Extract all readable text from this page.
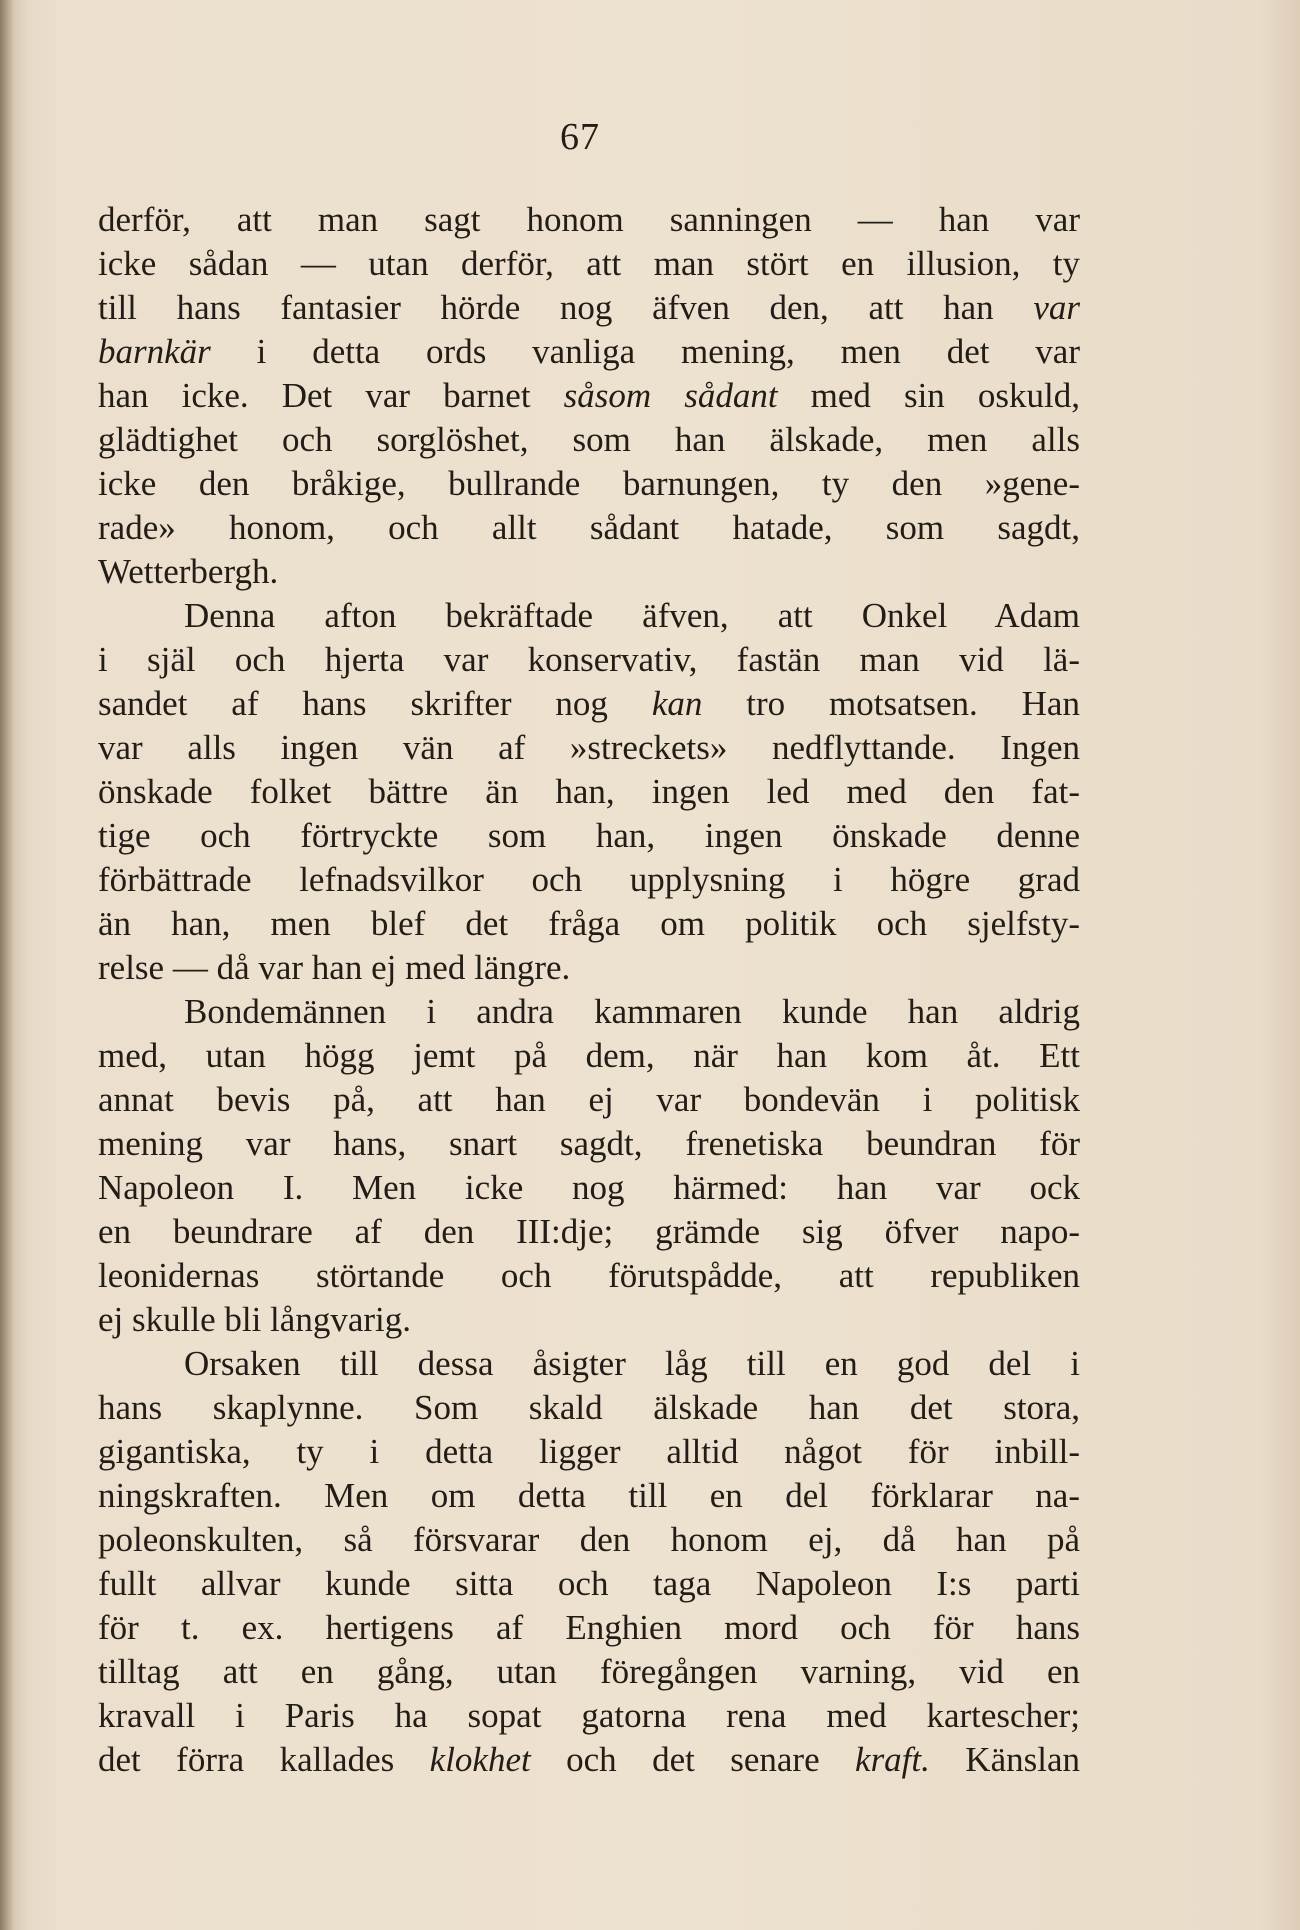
67
derför, att man sagt honom sanningen — han var
icke sådan — utan derför, att man stört en illusion, ty
till hans fantasier hörde nog äfven den, att han var
barnkär i detta ords vanliga mening, men det var
han icke. Det var barnet såsom sådant med sin oskuld,
glädtighet och sorglöshet, som han älskade, men alls
icke den bråkige, bullrande barnungen, ty den »gene-
rade» honom, och allt sådant hatade, som sagdt,
Wetterbergh.
Denna afton bekräftade äfven, att Onkel Adam
i själ och hjerta var konservativ, fastän man vid lä-
sandet af hans skrifter nog kan tro motsatsen. Han
var alls ingen vän af »streckets» nedflyttande. Ingen
önskade folket bättre än han, ingen led med den fat-
tige och förtryckte som han, ingen önskade denne
förbättrade lefnadsvilkor och upplysning i högre grad
än han, men blef det fråga om politik och sjelfsty-
relse — då var han ej med längre.
Bondemännen i andra kammaren kunde han aldrig
med, utan högg jemt på dem, när han kom åt. Ett
annat bevis på, att han ej var bondevän i politisk
mening var hans, snart sagdt, frenetiska beundran för
Napoleon I. Men icke nog härmed: han var ock
en beundrare af den III:dje; grämde sig öfver napo-
leonidernas störtande och förutspådde, att republiken
ej skulle bli långvarig.
Orsaken till dessa åsigter låg till en god del i
hans skaplynne. Som skald älskade han det stora,
gigantiska, ty i detta ligger alltid något för inbill-
ningskraften. Men om detta till en del förklarar na-
poleonskulten, så försvarar den honom ej, då han på
fullt allvar kunde sitta och taga Napoleon I:s parti
för t. ex. hertigens af Enghien mord och för hans
tilltag att en gång, utan föregången varning, vid en
kravall i Paris ha sopat gatorna rena med kartescher;
det förra kallades klokhet och det senare kraft. Känslan
